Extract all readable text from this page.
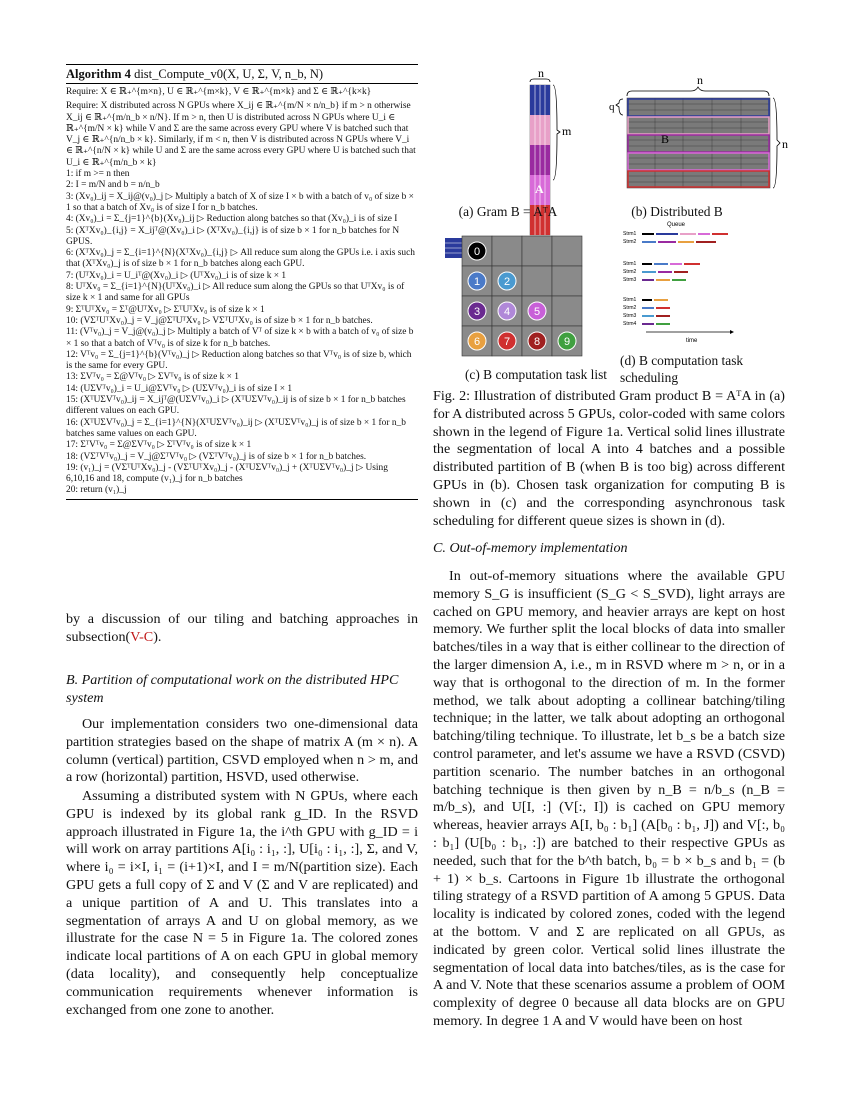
Algorithm 4 dist_Compute_v0(X, U, Σ, V, n_b, N)
Require: X ∈ ℝ₊^{m×n}, U ∈ ℝ₊^{m×k}, V ∈ ℝ₊^{m×k} and Σ ∈ ℝ₊^{k×k}
Require: X distributed across N GPUs where X_ij ∈ ℝ₊^{m/N × n/n_b} if m > n otherwise X_ij ∈ ℝ₊^{m/n_b × n/N}. If m > n, then U is distributed across N GPUs where U_i ∈ ℝ₊^{m/N × k} while V and Σ are the same across every GPU where V is batched such that V_j ∈ ℝ₊^{n/n_b × k}. Similarly, if m < n, then V is distributed across N GPUs where V_i ∈ ℝ₊^{n/N × k} while U and Σ are the same across every GPU where U is batched such that U_i ∈ ℝ₊^{m/n_b × k}
1: if m >= n then
2: I = m/N and b = n/n_b
3: (Xv₀)_ij = X_ij@(v₀)_j ▷ Multiply a batch of X of size I × b with a batch of v₀ of size b × 1 so that a batch of Xv₀ is of size I for n_b batches.
4: (Xv₀)_i = Σ_{j=1}^{b}(Xv₀)_ij ▷ Reduction along batches so that (Xv₀)_i is of size I
5: (XᵀXv₀)_{i,j} = X_ijᵀ@(Xv₀)_i ▷ (XᵀXv₀)_{i,j} is of size b × 1 for n_b batches for N GPUS.
6: (XᵀXv₀)_j = Σ_{i=1}^{N}(XᵀXv₀)_{i,j} ▷ All reduce sum along the GPUs i.e. i axis such that (XᵀXv₀)_j is of size b × 1 for n_b batches along each GPU.
7: (UᵀXv₀)_i = U_iᵀ@(Xv₀)_i ▷ (UᵀXv₀)_i is of size k × 1
8: UᵀXv₀ = Σ_{i=1}^{N}(UᵀXv₀)_i ▷ All reduce sum along the GPUs so that UᵀXv₀ is of size k × 1 and same for all GPUs
9: ΣᵀUᵀXv₀ = Σᵀ@UᵀXv₀ ▷ ΣᵀUᵀXv₀ is of size k × 1
10: (VΣᵀUᵀXv₀)_j = V_j@ΣᵀUᵀXv₀ ▷ VΣᵀUᵀXv₀ is of size b × 1 for n_b batches.
11: (Vᵀv₀)_j = V_j@(v₀)_j ▷ Multiply a batch of Vᵀ of size k × b with a batch of v₀ of size b × 1 so that a batch of Vᵀv₀ is of size k for n_b batches.
12: Vᵀv₀ = Σ_{j=1}^{b}(Vᵀv₀)_j ▷ Reduction along batches so that Vᵀv₀ is of size b, which is the same for every GPU.
13: ΣVᵀv₀ = Σ@Vᵀv₀ ▷ ΣVᵀv₀ is of size k × 1
14: (UΣVᵀv₀)_i = U_i@ΣVᵀv₀ ▷ (UΣVᵀv₀)_i is of size I × 1
15: (XᵀUΣVᵀv₀)_ij = X_ijᵀ@(UΣVᵀv₀)_i ▷ (XᵀUΣVᵀv₀)_ij is of size b × 1 for n_b batches different values on each GPU.
16: (XᵀUΣVᵀv₀)_j = Σ_{i=1}^{N}(XᵀUΣVᵀv₀)_ij ▷ (XᵀUΣVᵀv₀)_j is of size b × 1 for n_b batches same values on each GPU.
17: ΣᵀVᵀv₀ = Σ@ΣVᵀv₀ ▷ ΣᵀVᵀv₀ is of size k × 1
18: (VΣᵀVᵀv₀)_j = V_j@ΣᵀVᵀv₀ ▷ (VΣᵀVᵀv₀)_j is of size b × 1 for n_b batches.
19: (v₁)_j = (VΣᵀUᵀXv₀)_j - (VΣᵀUᵀXv₀)_j - (XᵀUΣVᵀv₀)_j + (XᵀUΣVᵀv₀)_j ▷ Using 6,10,16 and 18, compute (v₁)_j for n_b batches
20: return (v₁)_j
by a discussion of our tiling and batching approaches in subsection(V-C).
B. Partition of computational work on the distributed HPC system
Our implementation considers two one-dimensional data partition strategies based on the shape of matrix A (m × n). A column (vertical) partition, CSVD employed when n > m, and a row (horizontal) partition, HSVD, used otherwise.
Assuming a distributed system with N GPUs, where each GPU is indexed by its global rank g_ID. In the RSVD approach illustrated in Figure 1a, the i^th GPU with g_ID = i will work on array partitions A[i₀ : i₁, :], U[i₀ : i₁, :], Σ, and V, where i₀ = i×I, i₁ = (i+1)×I, and I = m/N(partition size). Each GPU gets a full copy of Σ and V (Σ and V are replicated) and a unique partition of A and U. This translates into a segmentation of arrays A and U on global memory, as we illustrate for the case N = 5 in Figure 1a. The colored zones indicate local partitions of A on each GPU in global memory (data locality), and consequently help conceptualize communication requirements whenever information is exchanged from one zone to another.
n
A
m
n
B
q
n
0
1 2
3 4 5
6 7 8 9
Queue
Strm1
Strm2
Strm1
Strm2
Strm3
Strm1
Strm2
Strm3
Strm4
time
(a) Gram B = AᵀA	(b) Distributed B
(c) B computation task list
(d) B computation task scheduling
Fig. 2: Illustration of distributed Gram product B = AᵀA in (a) for A distributed across 5 GPUs, color-coded with same colors shown in the legend of Figure 1a. Vertical solid lines illustrate the segmentation of local A into 4 batches and a possible distributed partition of B (when B is too big) across different GPUs in (b). Chosen task organization for computing B is shown in (c) and the corresponding asynchronous task scheduling for different queue sizes is shown in (d).
C. Out-of-memory implementation
In out-of-memory situations where the available GPU memory S_G is insufficient (S_G < S_SVD), light arrays are cached on GPU memory, and heavier arrays are kept on host memory. We further split the local blocks of data into smaller batches/tiles in a way that is either collinear to the direction of the larger dimension A, i.e., m in RSVD where m > n, or in a way that is orthogonal to the direction of m. In the former method, we talk about adopting a collinear batching/tiling technique; in the latter, we talk about adopting an orthogonal batching/tiling technique. To illustrate, let b_s be a batch size control parameter, and let's assume we have a RSVD (CSVD) partition scenario. The number batches in an orthogonal batching technique is then given by n_B = n/b_s (n_B = m/b_s), and U[I, :] (V[:, I]) is cached on GPU memory whereas, heavier arrays A[I, b₀ : b₁] (A[b₀ : b₁, J]) and V[:, b₀ : b₁] (U[b₀ : b₁, :]) are batched to their respective GPUs as needed, such that for the b^th batch, b₀ = b × b_s and b₁ = (b + 1) × b_s. Cartoons in Figure 1b illustrate the orthogonal tiling strategy of a RSVD partition of A among 5 GPUS. Data locality is indicated by colored zones, coded with the legend at the bottom. V and Σ are replicated on all GPUs, as indicated by green color. Vertical solid lines illustrate the segmentation of local data into batches/tiles, as is the case for A and V. Note that these scenarios assume a problem of OOM complexity of degree 0 because all data blocks are on GPU memory. In degree 1 A and V would have been on host
